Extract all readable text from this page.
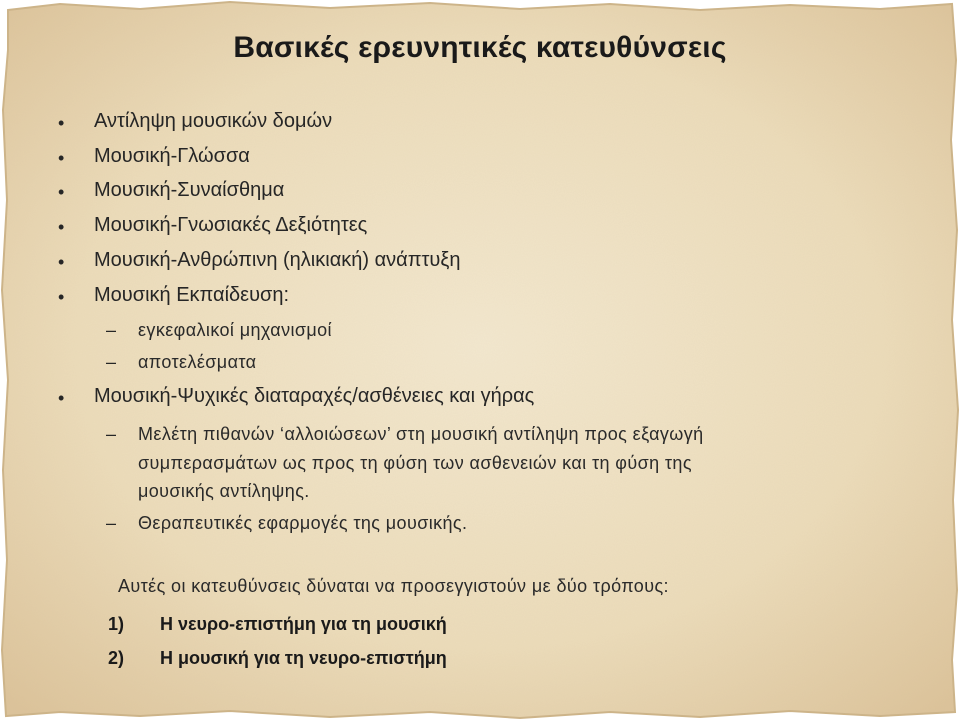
Βασικές ερευνητικές κατευθύνσεις
• Αντίληψη μουσικών δομών
• Μουσική-Γλώσσα
• Μουσική-Συναίσθημα
• Μουσική-Γνωσιακές Δεξιότητες
• Μουσική-Ανθρώπινη (ηλικιακή) ανάπτυξη
• Μουσική Εκπαίδευση:
– εγκεφαλικοί μηχανισμοί
– αποτελέσματα
• Μουσική-Ψυχικές διαταραχές/ασθένειες και γήρας
– Μελέτη πιθανών ‘αλλοιώσεων’ στη μουσική αντίληψη προς εξαγωγή
συμπερασμάτων ως προς τη φύση των ασθενειών και τη φύση της
μουσικής αντίληψης.
– Θεραπευτικές εφαρμογές της μουσικής.
Αυτές οι κατευθύνσεις δύναται να προσεγγιστούν με δύο τρόπους:
1) Η νευρο-επιστήμη για τη μουσική
2) Η μουσική για τη νευρο-επιστήμη
